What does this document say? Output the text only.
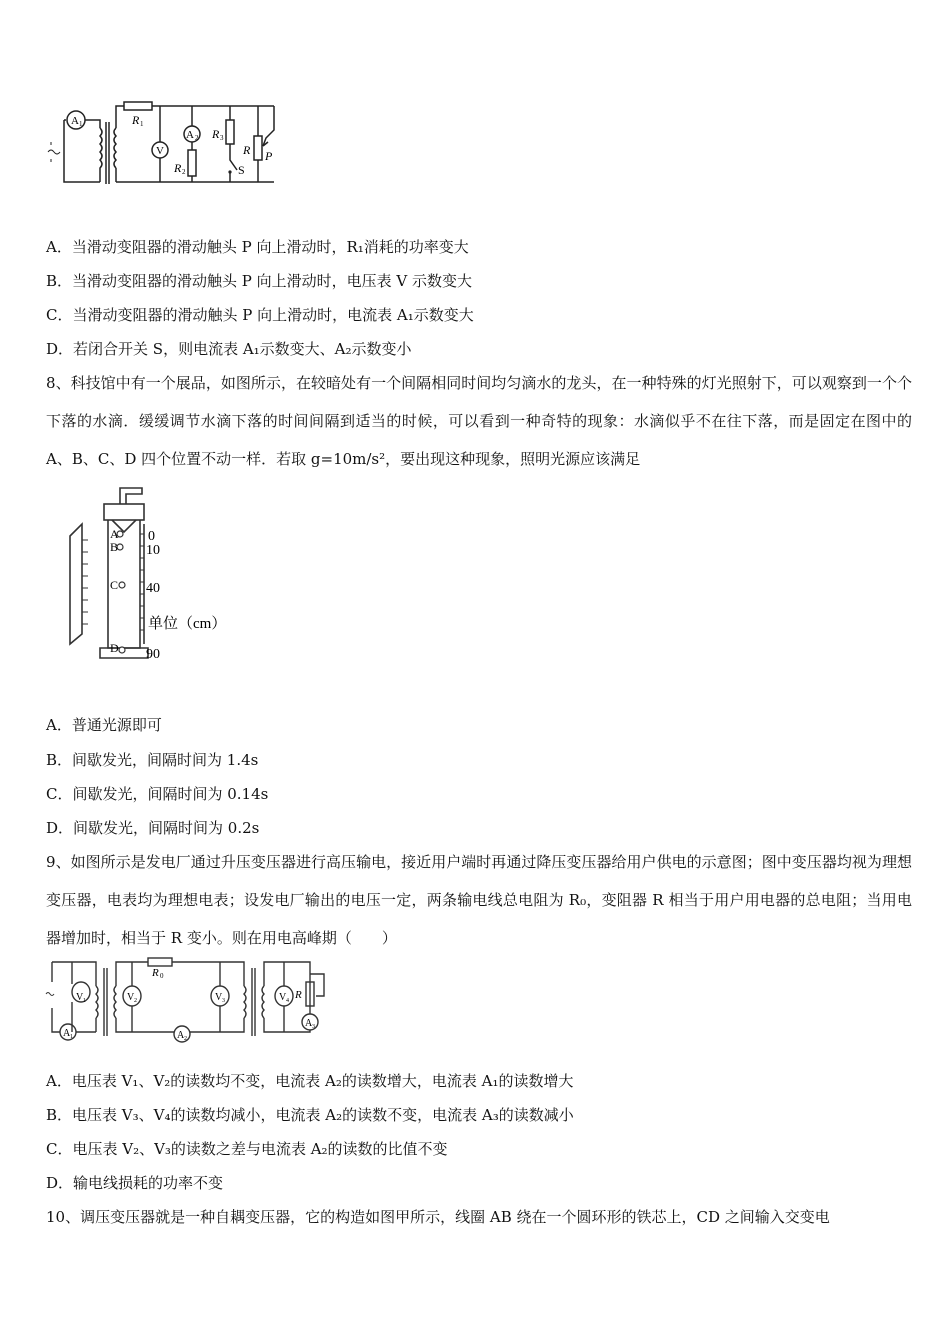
A 1	R 1
V
A 2
R 2
R 3
R P
S
A．当滑动变阻器的滑动触头 P 向上滑动时，R₁消耗的功率变大
B．当滑动变阻器的滑动触头 P 向上滑动时，电压表 V 示数变大
C．当滑动变阻器的滑动触头 P 向上滑动时，电流表 A₁示数变大
D．若闭合开关 S，则电流表 A₁示数变大、A₂示数变小
8、科技馆中有一个展品，如图所示，在较暗处有一个间隔相同时间均匀滴水的龙头，在一种特殊的灯光照射下，可以观察到一个个下落的水滴．缓缓调节水滴下落的时间间隔到适当的时候，可以看到一种奇特的现象：水滴似乎不在往下落，而是固定在图中的 A、B、C、D 四个位置不动一样．若取 g=10m/s²，要出现这种现象，照明光源应该满足
A
B
C
D
0
10
40
单位（cm）
90
A．普通光源即可
B．间歇发光，间隔时间为 1.4s
C．间歇发光，间隔时间为 0.14s
D．间歇发光，间隔时间为 0.2s
9、如图所示是发电厂通过升压变压器进行高压输电，接近用户端时再通过降压变压器给用户供电的示意图；图中变压器均视为理想变压器，电表均为理想电表；设发电厂输出的电压一定，两条输电线总电阻为 R₀，变阻器 R 相当于用户用电器的总电阻；当用电器增加时，相当于 R 变小。则在用电高峰期（　　）
V 1
A 1
V 2
R 0
A 2
V 3	V 4 R
A 3
A．电压表 V₁、V₂的读数均不变，电流表 A₂的读数增大，电流表 A₁的读数增大
B．电压表 V₃、V₄的读数均减小，电流表 A₂的读数不变，电流表 A₃的读数减小
C．电压表 V₂、V₃的读数之差与电流表 A₂的读数的比值不变
D．输电线损耗的功率不变
10、调压变压器就是一种自耦变压器，它的构造如图甲所示，线圈 AB 绕在一个圆环形的铁芯上，CD 之间输入交变电
